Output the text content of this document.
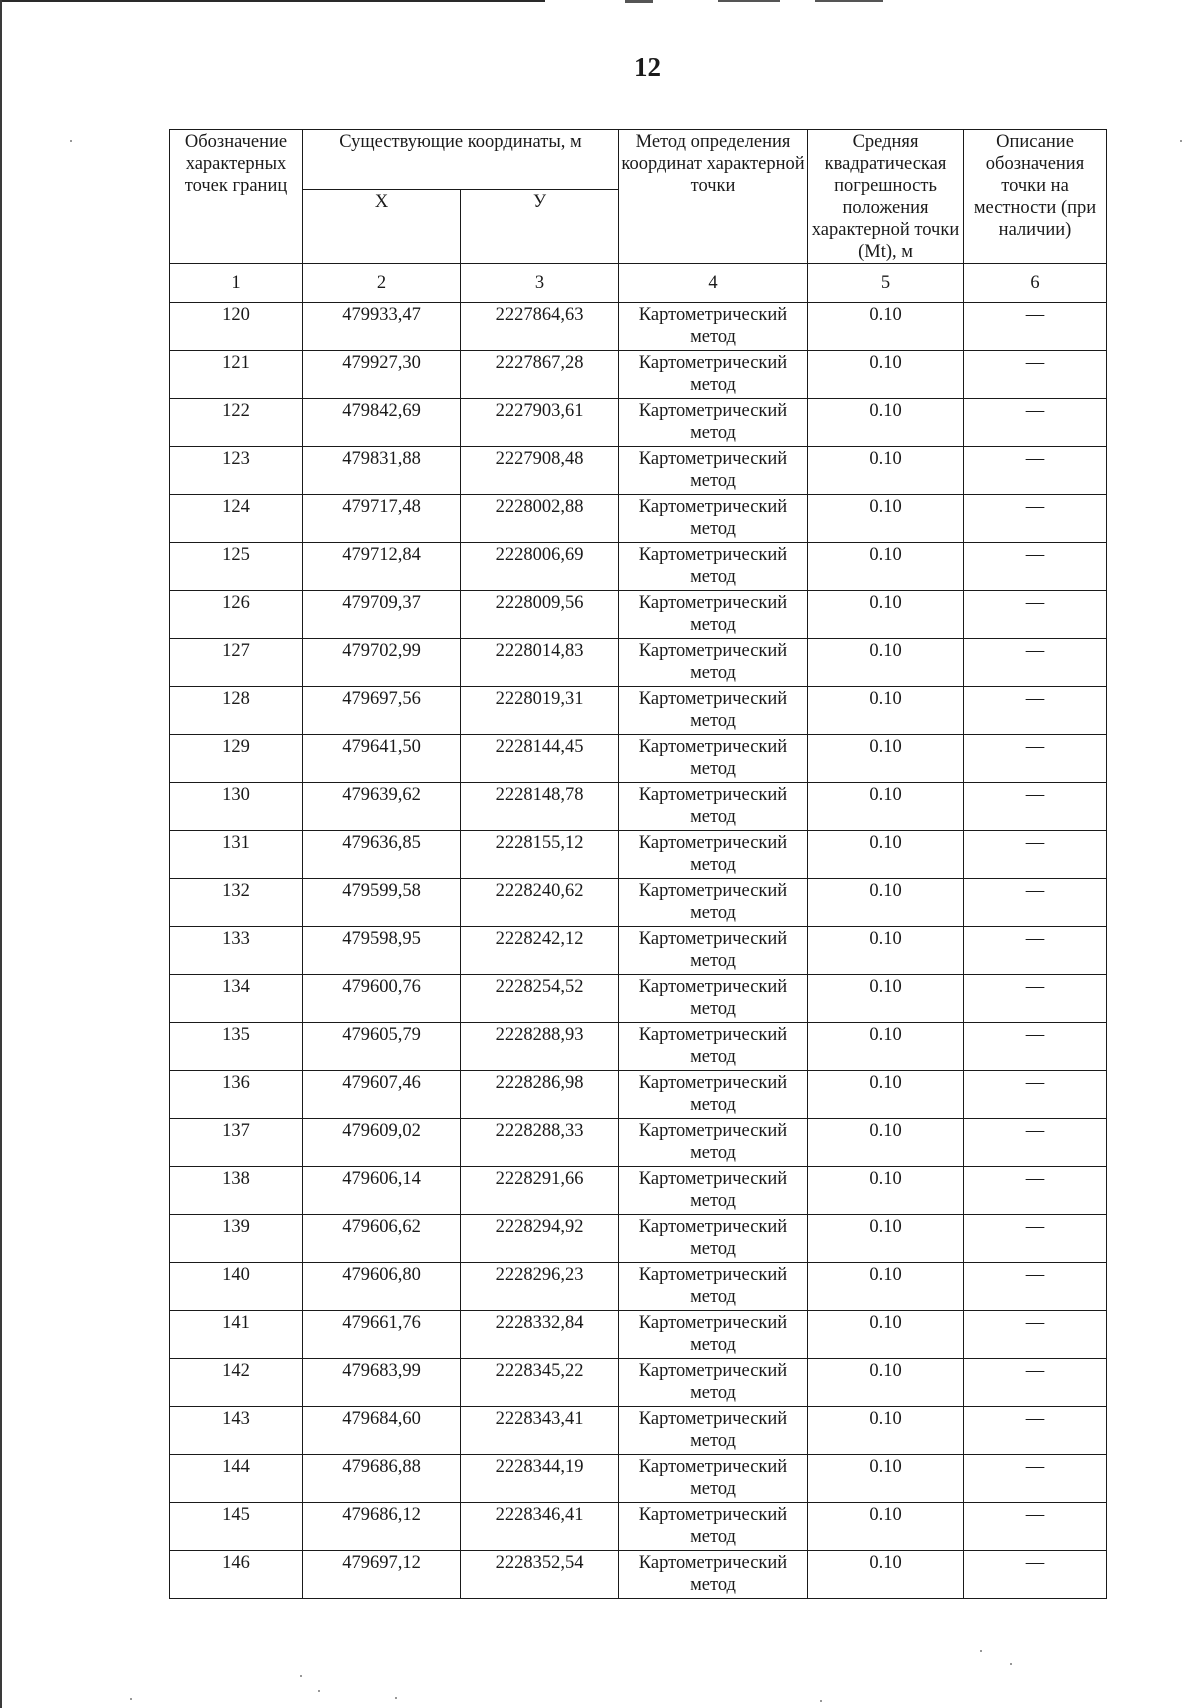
12
Обозначение характерных точек границ	Существующие координаты, м		Метод определения координат характерной точки	Средняя квадратическая погрешность положения характерной точки (Mt), м	Описание обозначения точки на местности (при наличии)
	X	У			
1	2	3	4	5	6
120	479933,47	2227864,63	Картометрический метод	0.10	—
121	479927,30	2227867,28	Картометрический метод	0.10	—
122	479842,69	2227903,61	Картометрический метод	0.10	—
123	479831,88	2227908,48	Картометрический метод	0.10	—
124	479717,48	2228002,88	Картометрический метод	0.10	—
125	479712,84	2228006,69	Картометрический метод	0.10	—
126	479709,37	2228009,56	Картометрический метод	0.10	—
127	479702,99	2228014,83	Картометрический метод	0.10	—
128	479697,56	2228019,31	Картометрический метод	0.10	—
129	479641,50	2228144,45	Картометрический метод	0.10	—
130	479639,62	2228148,78	Картометрический метод	0.10	—
131	479636,85	2228155,12	Картометрический метод	0.10	—
132	479599,58	2228240,62	Картометрический метод	0.10	—
133	479598,95	2228242,12	Картометрический метод	0.10	—
134	479600,76	2228254,52	Картометрический метод	0.10	—
135	479605,79	2228288,93	Картометрический метод	0.10	—
136	479607,46	2228286,98	Картометрический метод	0.10	—
137	479609,02	2228288,33	Картометрический метод	0.10	—
138	479606,14	2228291,66	Картометрический метод	0.10	—
139	479606,62	2228294,92	Картометрический метод	0.10	—
140	479606,80	2228296,23	Картометрический метод	0.10	—
141	479661,76	2228332,84	Картометрический метод	0.10	—
142	479683,99	2228345,22	Картометрический метод	0.10	—
143	479684,60	2228343,41	Картометрический метод	0.10	—
144	479686,88	2228344,19	Картометрический метод	0.10	—
145	479686,12	2228346,41	Картометрический метод	0.10	—
146	479697,12	2228352,54	Картометрический метод	0.10	—
